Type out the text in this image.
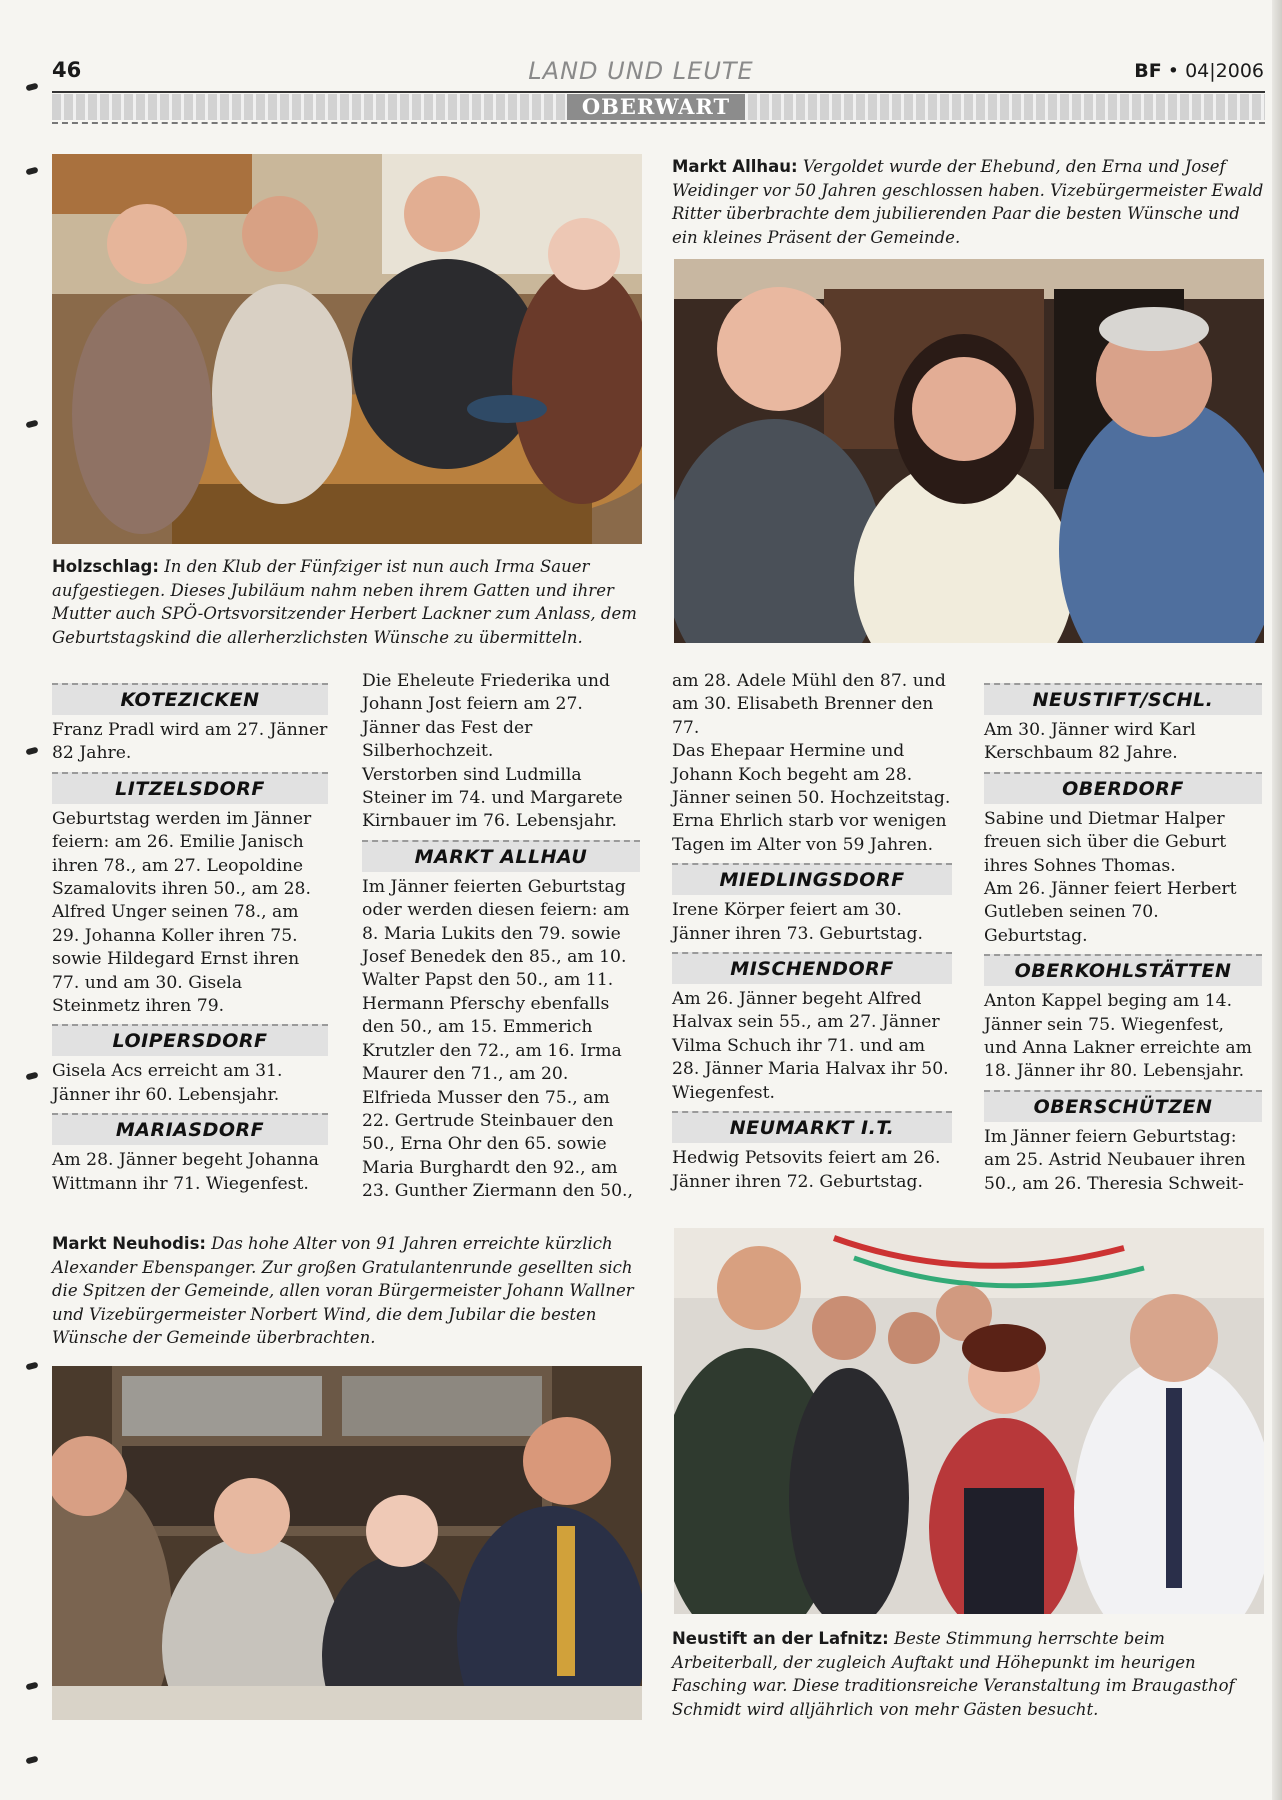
46	LAND UND LEUTE	BF • 04|2006
OBERWART
Holzschlag: In den Klub der Fünfziger ist nun auch Irma Sauer aufgestiegen. Dieses Jubiläum nahm neben ihrem Gatten und ihrer Mutter auch SPÖ-Ortsvorsitzender Herbert Lackner zum Anlass, dem Geburtstagskind die allerherzlichsten Wünsche zu übermitteln.
Markt Allhau: Vergoldet wurde der Ehebund, den Erna und Josef Weidinger vor 50 Jahren geschlossen haben. Vizebürgermeister Ewald Ritter überbrachte dem jubilierenden Paar die besten Wünsche und ein kleines Präsent der Gemeinde.
KOTEZICKEN

Franz Pradl wird am 27. Jänner 82 Jahre.

LITZELSDORF

Geburtstag werden im Jänner feiern: am 26. Emilie Janisch ihren 78., am 27. Leopoldine Szamalovits ihren 50., am 28. Alfred Unger seinen 78., am 29. Johanna Koller ihren 75. sowie Hildegard Ernst ihren 77. und am 30. Gisela Steinmetz ihren 79.

LOIPERSDORF

Gisela Acs erreicht am 31. Jänner ihr 60. Lebensjahr.

MARIASDORF

Am 28. Jänner begeht Johanna Wittmann ihr 71. Wiegenfest.

Die Eheleute Friederika und Johann Jost feiern am 27. Jänner das Fest der Silberhochzeit.

Verstorben sind Ludmilla Steiner im 74. und Margarete Kirnbauer im 76. Lebensjahr.

MARKT ALLHAU

Im Jänner feierten Geburtstag oder werden diesen feiern: am 8. Maria Lukits den 79. sowie Josef Benedek den 85., am 10. Walter Papst den 50., am 11. Hermann Pferschy ebenfalls den 50., am 15. Emmerich Krutzler den 72., am 16. Irma Maurer den 71., am 20. Elfrieda Musser den 75., am 22. Gertrude Steinbauer den 50., Erna Ohr den 65. sowie Maria Burghardt den 92., am 23. Gunther Ziermann den 50.,

am 28. Adele Mühl den 87. und am 30. Elisabeth Brenner den 77.

Das Ehepaar Hermine und Johann Koch begeht am 28. Jänner seinen 50. Hochzeitstag.

Erna Ehrlich starb vor wenigen Tagen im Alter von 59 Jahren.

MIEDLINGSDORF

Irene Körper feiert am 30. Jänner ihren 73. Geburtstag.

MISCHENDORF

Am 26. Jänner begeht Alfred Halvax sein 55., am 27. Jänner Vilma Schuch ihr 71. und am 28. Jänner Maria Halvax ihr 50. Wiegenfest.

NEUMARKT I.T.

Hedwig Petsovits feiert am 26. Jänner ihren 72. Geburtstag.

NEUSTIFT/SCHL.

Am 30. Jänner wird Karl Kerschbaum 82 Jahre.

OBERDORF

Sabine und Dietmar Halper freuen sich über die Geburt ihres Sohnes Thomas.

Am 26. Jänner feiert Herbert Gutleben seinen 70. Geburtstag.

OBERKOHLSTÄTTEN

Anton Kappel beging am 14. Jänner sein 75. Wiegenfest, und Anna Lakner erreichte am 18. Jänner ihr 80. Lebensjahr.

OBERSCHÜTZEN

Im Jänner feiern Geburtstag: am 25. Astrid Neubauer ihren 50., am 26. Theresia Schweit-

Markt Neuhodis: Das hohe Alter von 91 Jahren erreichte kürzlich Alexander Ebenspanger. Zur großen Gratulantenrunde gesellten sich die Spitzen der Gemeinde, allen voran Bürgermeister Johann Wallner und Vizebürgermeister Norbert Wind, die dem Jubilar die besten Wünsche der Gemeinde überbrachten.
Neustift an der Lafnitz: Beste Stimmung herrschte beim Arbeiterball, der zugleich Auftakt und Höhepunkt im heurigen Fasching war. Diese traditionsreiche Veranstaltung im Braugasthof Schmidt wird alljährlich von mehr Gästen besucht.
